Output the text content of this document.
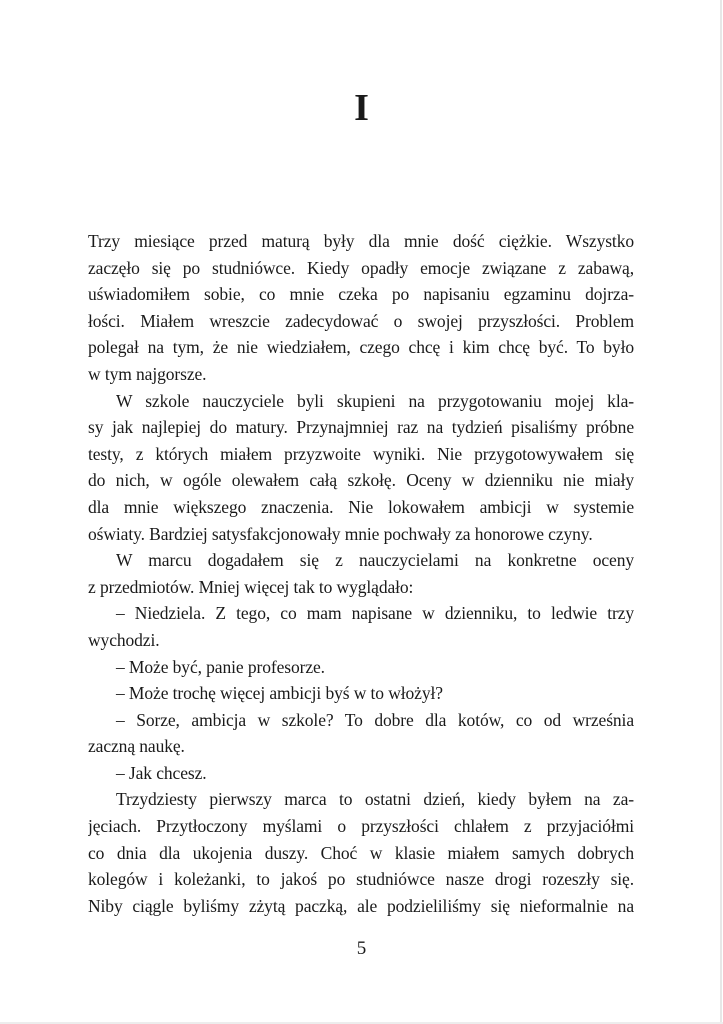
I
Trzy miesiące przed maturą były dla mnie dość ciężkie. Wszystko
zaczęło się po studniówce. Kiedy opadły emocje związane z zabawą,
uświadomiłem sobie, co mnie czeka po napisaniu egzaminu dojrza-
łości. Miałem wreszcie zadecydować o swojej przyszłości. Problem
polegał na tym, że nie wiedziałem, czego chcę i kim chcę być. To było
w tym najgorsze.
W szkole nauczyciele byli skupieni na przygotowaniu mojej kla-
sy jak najlepiej do matury. Przynajmniej raz na tydzień pisaliśmy próbne
testy, z których miałem przyzwoite wyniki. Nie przygotowywałem się
do nich, w ogóle olewałem całą szkołę. Oceny w dzienniku nie miały
dla mnie większego znaczenia. Nie lokowałem ambicji w systemie
oświaty. Bardziej satysfakcjonowały mnie pochwały za honorowe czyny.
W marcu dogadałem się z nauczycielami na konkretne oceny
z przedmiotów. Mniej więcej tak to wyglądało:
– Niedziela. Z tego, co mam napisane w dzienniku, to ledwie trzy
wychodzi.
– Może być, panie profesorze.
– Może trochę więcej ambicji byś w to włożył?
– Sorze, ambicja w szkole? To dobre dla kotów, co od września
zaczną naukę.
– Jak chcesz.
Trzydziesty pierwszy marca to ostatni dzień, kiedy byłem na za-
jęciach. Przytłoczony myślami o przyszłości chlałem z przyjaciółmi
co dnia dla ukojenia duszy. Choć w klasie miałem samych dobrych
kolegów i koleżanki, to jakoś po studniówce nasze drogi rozeszły się.
Niby ciągle byliśmy zżytą paczką, ale podzieliliśmy się nieformalnie na
5
